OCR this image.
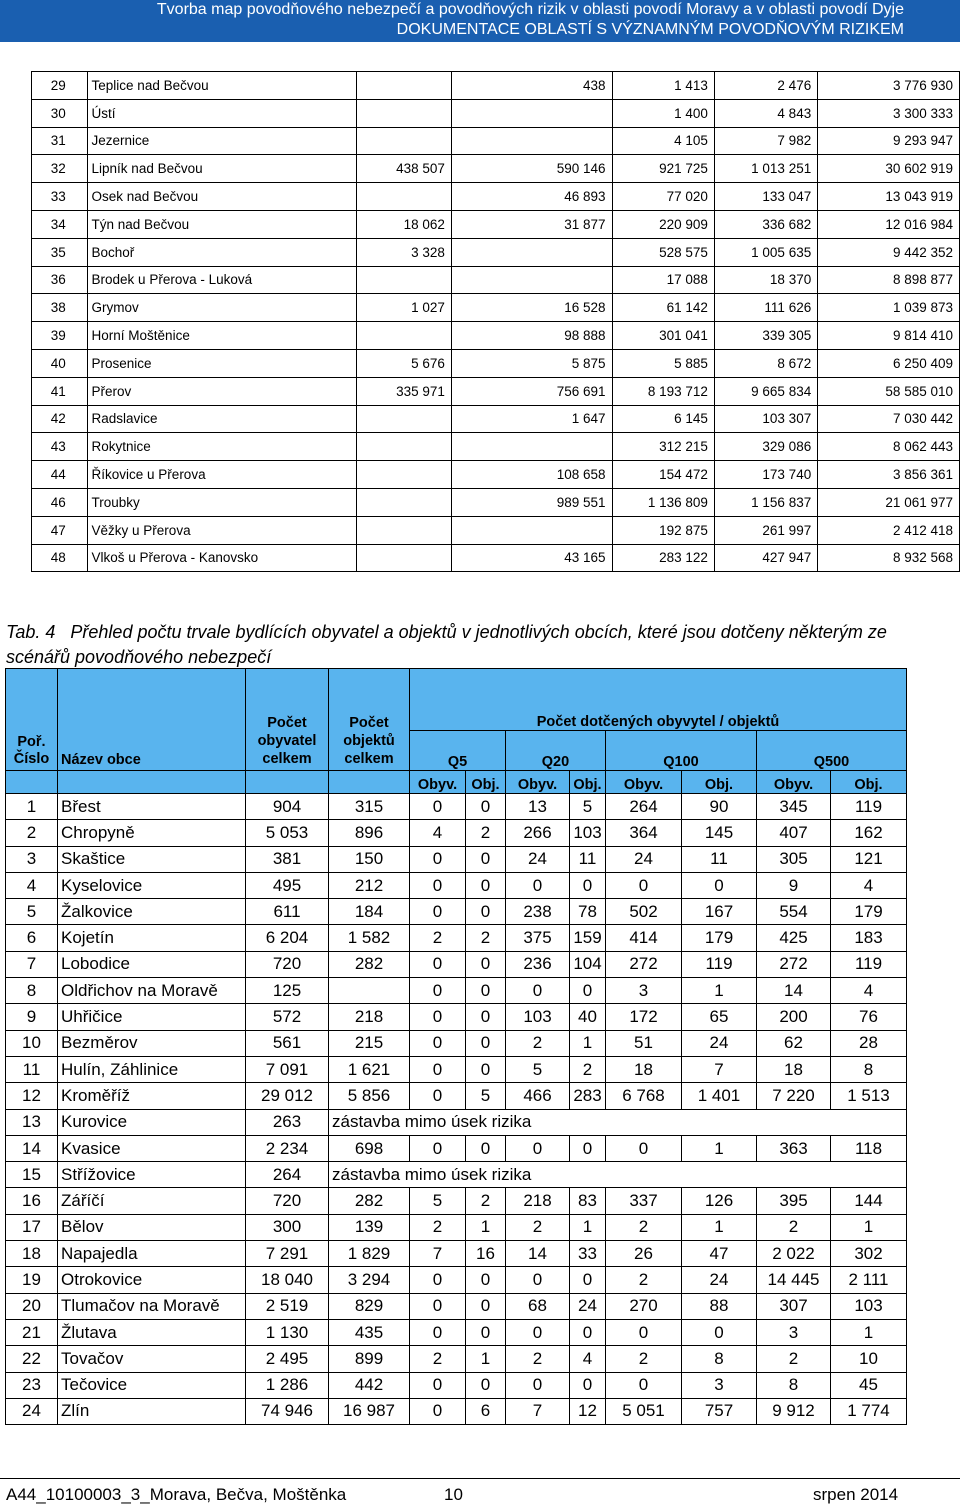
Tvorba map povodňového nebezpečí a povodňových rizik v oblasti povodí Moravy a v oblasti povodí Dyje
DOKUMENTACE OBLASTÍ S VÝZNAMNÝM POVODŇOVÝM RIZIKEM
29	Teplice nad Bečvou		438	1 413	2 476	3 776 930
30	Ústí			1 400	4 843	3 300 333
31	Jezernice			4 105	7 982	9 293 947
32	Lipník nad Bečvou	438 507	590 146	921 725	1 013 251	30 602 919
33	Osek nad Bečvou		46 893	77 020	133 047	13 043 919
34	Týn nad Bečvou	18 062	31 877	220 909	336 682	12 016 984
35	Bochoř	3 328		528 575	1 005 635	9 442 352
36	Brodek u Přerova - Luková			17 088	18 370	8 898 877
38	Grymov	1 027	16 528	61 142	111 626	1 039 873
39	Horní Moštěnice		98 888	301 041	339 305	9 814 410
40	Prosenice	5 676	5 875	5 885	8 672	6 250 409
41	Přerov	335 971	756 691	8 193 712	9 665 834	58 585 010
42	Radslavice		1 647	6 145	103 307	7 030 442
43	Rokytnice			312 215	329 086	8 062 443
44	Říkovice u Přerova		108 658	154 472	173 740	3 856 361
46	Troubky		989 551	1 136 809	1 156 837	21 061 977
47	Věžky u Přerova			192 875	261 997	2 412 418
48	Vlkoš u Přerova - Kanovsko		43 165	283 122	427 947	8 932 568
Tab. 4 Přehled počtu trvale bydlících obyvatel a objektů v jednotlivých obcích, které jsou dotčeny některým ze scénářů povodňového nebezpečí
Poř.
Číslo	Název obce	Počet
obyvatel
celkem	Počet
objektů
celkem	Počet dotčených obyvytel / objektů							
				Q5		Q20		Q100		Q500	
				Obyv.	Obj.	Obyv.	Obj.	Obyv.	Obj.	Obyv.	Obj.
1	Břest	904	315	0	0	13	5	264	90	345	119
2	Chropyně	5 053	896	4	2	266	103	364	145	407	162
3	Skaštice	381	150	0	0	24	11	24	11	305	121
4	Kyselovice	495	212	0	0	0	0	0	0	9	4
5	Žalkovice	611	184	0	0	238	78	502	167	554	179
6	Kojetín	6 204	1 582	2	2	375	159	414	179	425	183
7	Lobodice	720	282	0	0	236	104	272	119	272	119
8	Oldřichov na Moravě	125		0	0	0	0	3	1	14	4
9	Uhřičice	572	218	0	0	103	40	172	65	200	76
10	Bezměrov	561	215	0	0	2	1	51	24	62	28
11	Hulín, Záhlinice	7 091	1 621	0	0	5	2	18	7	18	8
12	Kroměříž	29 012	5 856	0	5	466	283	6 768	1 401	7 220	1 513
13	Kurovice	263	zástavba mimo úsek rizika								
14	Kvasice	2 234	698	0	0	0	0	0	1	363	118
15	Střížovice	264	zástavba mimo úsek rizika								
16	Záříčí	720	282	5	2	218	83	337	126	395	144
17	Bělov	300	139	2	1	2	1	2	1	2	1
18	Napajedla	7 291	1 829	7	16	14	33	26	47	2 022	302
19	Otrokovice	18 040	3 294	0	0	0	0	2	24	14 445	2 111
20	Tlumačov na Moravě	2 519	829	0	0	68	24	270	88	307	103
21	Žlutava	1 130	435	0	0	0	0	0	0	3	1
22	Tovačov	2 495	899	2	1	2	4	2	8	2	10
23	Tečovice	1 286	442	0	0	0	0	0	3	8	45
24	Zlín	74 946	16 987	0	6	7	12	5 051	757	9 912	1 774
A44_10100003_3_Morava, Bečva, Moštěnka	10	srpen 2014
